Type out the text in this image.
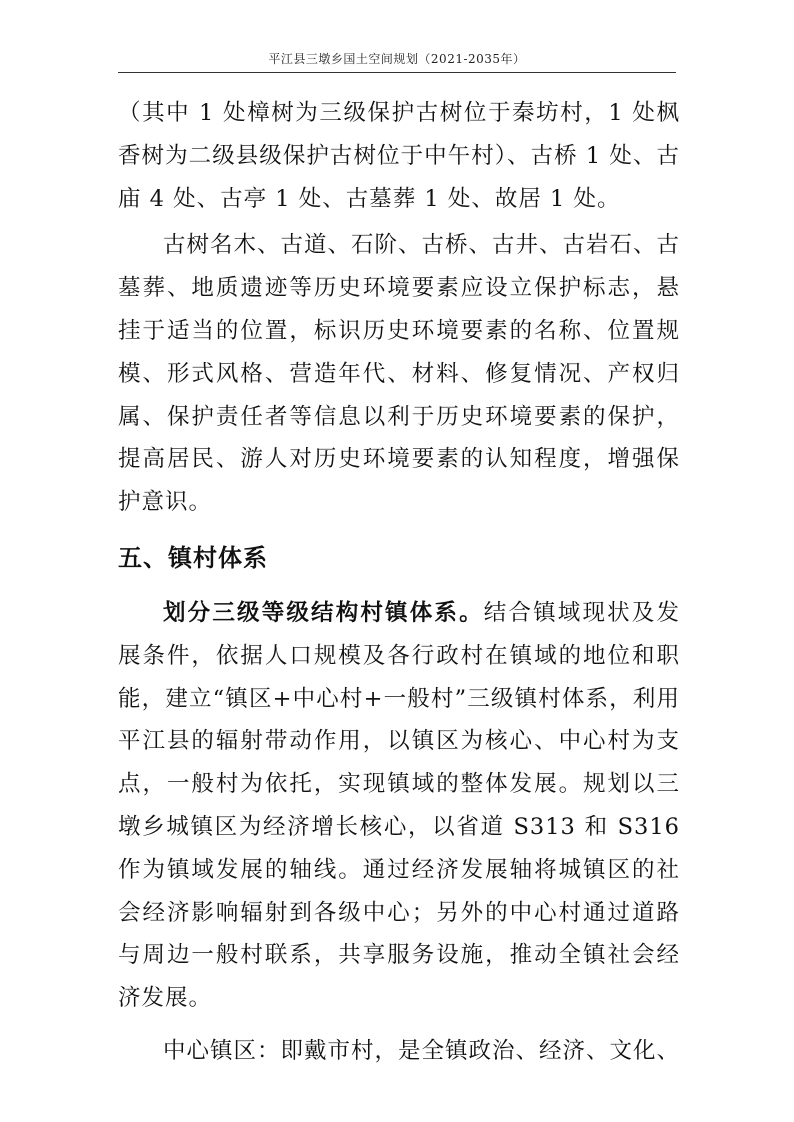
平江县三墩乡国土空间规划（2021-2035年）

（其中 1 处樟树为三级保护古树位于秦坊村，1 处枫香树为二级县级保护古树位于中午村）、古桥 1 处、古庙 4 处、古亭 1 处、古墓葬 1 处、故居 1 处。

古树名木、古道、石阶、古桥、古井、古岩石、古墓葬、地质遗迹等历史环境要素应设立保护标志，悬挂于适当的位置，标识历史环境要素的名称、位置规模、形式风格、营造年代、材料、修复情况、产权归属、保护责任者等信息以利于历史环境要素的保护，提高居民、游人对历史环境要素的认知程度，增强保护意识。

五、镇村体系

划分三级等级结构村镇体系。结合镇域现状及发展条件，依据人口规模及各行政村在镇域的地位和职能，建立“镇区+中心村+一般村”三级镇村体系，利用平江县的辐射带动作用，以镇区为核心、中心村为支点，一般村为依托，实现镇域的整体发展。规划以三墩乡城镇区为经济增长核心，以省道 S313 和 S316 作为镇域发展的轴线。通过经济发展轴将城镇区的社会经济影响辐射到各级中心；另外的中心村通过道路与周边一般村联系，共享服务设施，推动全镇社会经济发展。

中心镇区：即戴市村，是全镇政治、经济、文化、
